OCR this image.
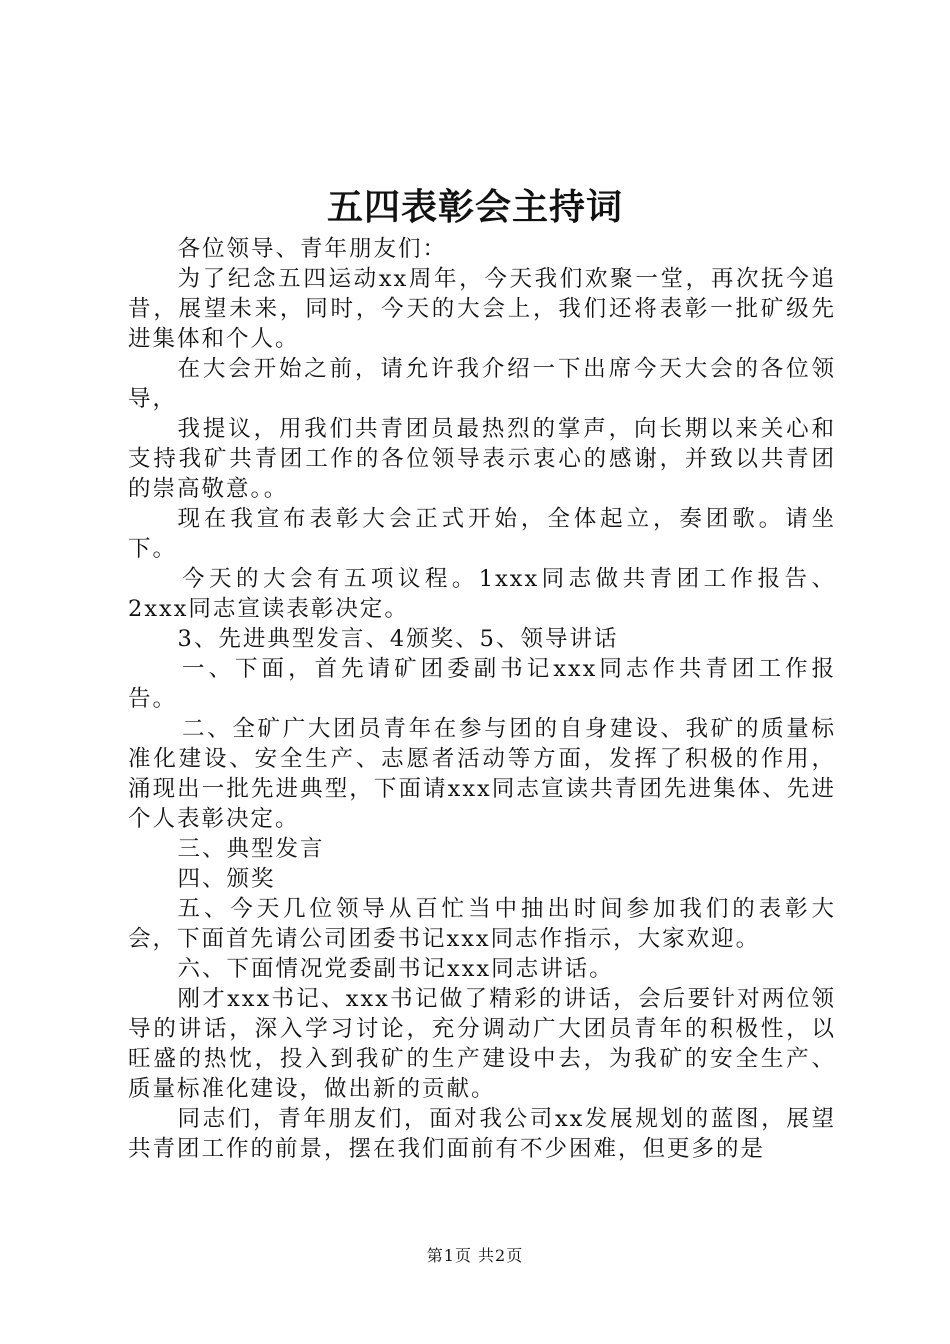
五四表彰会主持词

各位领导、青年朋友们：

为了纪念五四运动xx周年，今天我们欢聚一堂，再次抚今追昔，展望未来，同时，今天的大会上，我们还将表彰一批矿级先进集体和个人。

在大会开始之前，请允许我介绍一下出席今天大会的各位领导，

我提议，用我们共青团员最热烈的掌声，向长期以来关心和支持我矿共青团工作的各位领导表示衷心的感谢，并致以共青团的崇高敬意。。

现在我宣布表彰大会正式开始，全体起立，奏团歌。请坐下。

今天的大会有五项议程。1xxx同志做共青团工作报告、2xxx同志宣读表彰决定。

3、先进典型发言、4颁奖、5、领导讲话

一、下面，首先请矿团委副书记xxx同志作共青团工作报告。

二、全矿广大团员青年在参与团的自身建设、我矿的质量标准化建设、安全生产、志愿者活动等方面，发挥了积极的作用，涌现出一批先进典型，下面请xxx同志宣读共青团先进集体、先进个人表彰决定。

三、典型发言

四、颁奖

五、今天几位领导从百忙当中抽出时间参加我们的表彰大会，下面首先请公司团委书记xxx同志作指示，大家欢迎。

六、下面情况党委副书记xxx同志讲话。

刚才xxx书记、xxx书记做了精彩的讲话，会后要针对两位领导的讲话，深入学习讨论，充分调动广大团员青年的积极性，以旺盛的热忱，投入到我矿的生产建设中去，为我矿的安全生产、质量标准化建设，做出新的贡献。

同志们，青年朋友们，面对我公司xx发展规划的蓝图，展望共青团工作的前景，摆在我们面前有不少困难，但更多的是

第1页 共2页
